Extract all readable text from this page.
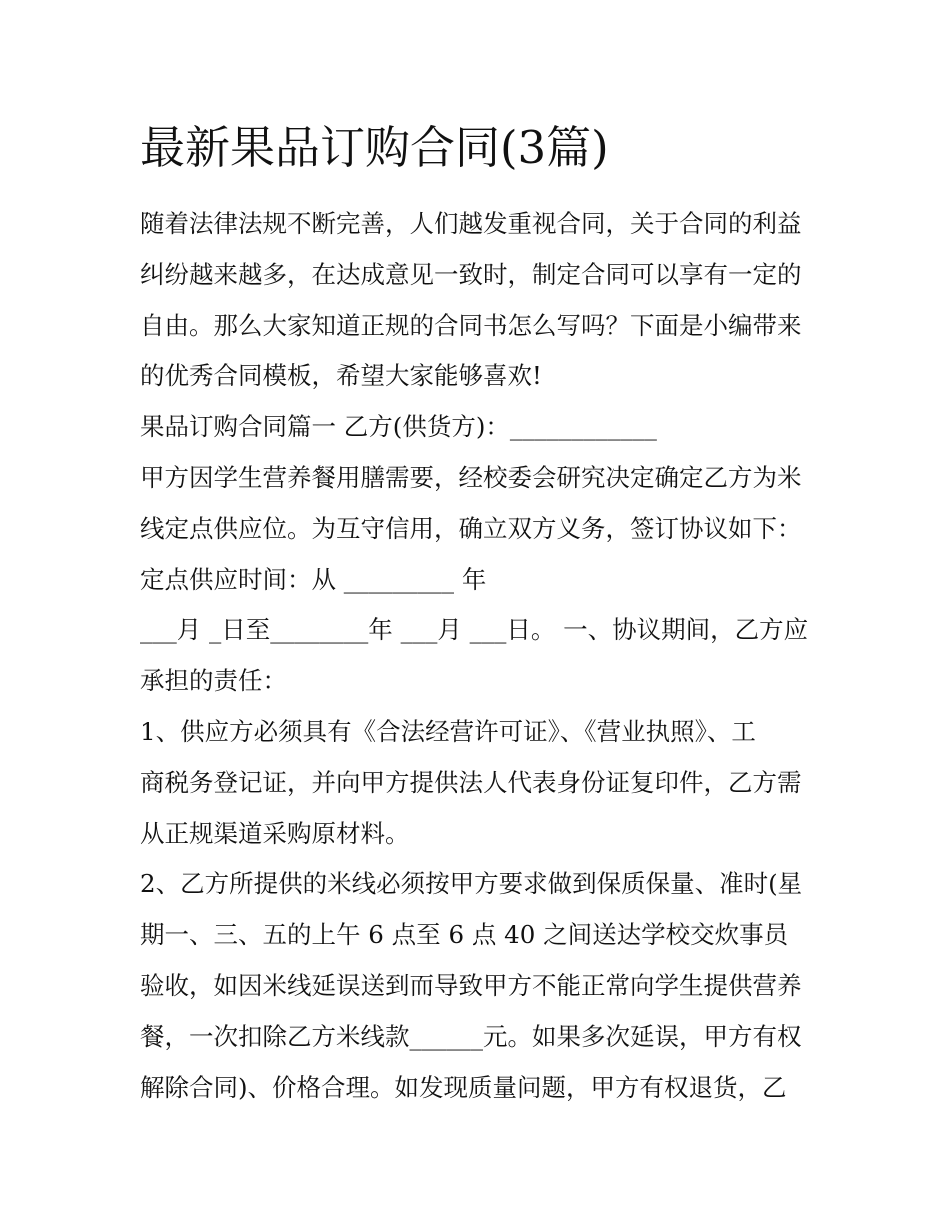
最新果品订购合同(3篇)
随着法律法规不断完善，人们越发重视合同，关于合同的利益
纠纷越来越多，在达成意见一致时，制定合同可以享有一定的
自由。那么大家知道正规的合同书怎么写吗？下面是小编带来
的优秀合同模板，希望大家能够喜欢!
果品订购合同篇一 乙方(供货方)：____________
甲方因学生营养餐用膳需要，经校委会研究决定确定乙方为米
线定点供应位。为互守信用，确立双方义务，签订协议如下：
定点供应时间：从 _________ 年
___月 _日至________年 ___月 ___日。 一、协议期间，乙方应
承担的责任：
1、供应方必须具有《合法经营许可证》、《营业执照》、工
商税务登记证，并向甲方提供法人代表身份证复印件，乙方需
从正规渠道采购原材料。
2、乙方所提供的米线必须按甲方要求做到保质保量、准时(星
期一、三、五的上午 6 点至 6 点 40 之间送达学校交炊事员
验收，如因米线延误送到而导致甲方不能正常向学生提供营养
餐，一次扣除乙方米线款______元。如果多次延误，甲方有权
解除合同)、价格合理。如发现质量问题，甲方有权退货，乙
